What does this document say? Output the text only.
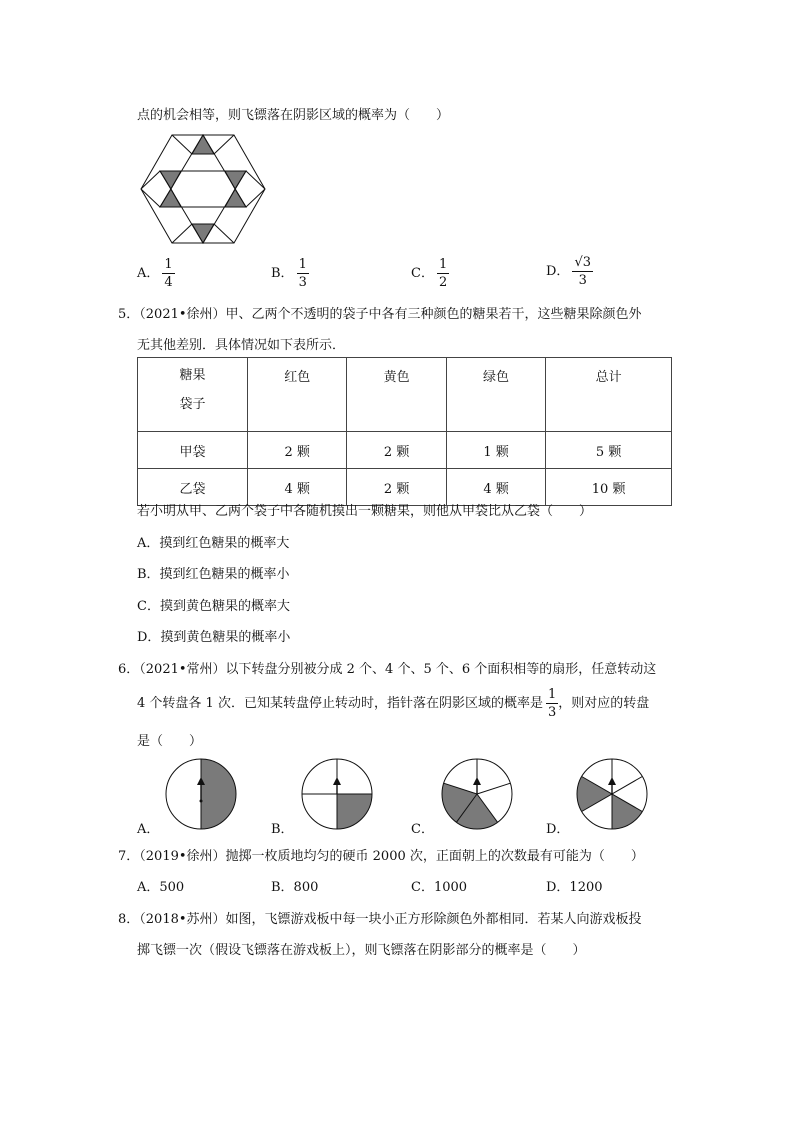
点的机会相等，则飞镖落在阴影区域的概率为（　　）
A． $\frac{1}{4}$	B． $\frac{1}{3}$	C． $\frac{1}{2}$	D． $\frac{√3}{3}$
5．（2021•徐州）甲、乙两个不透明的袋子中各有三种颜色的糖果若干，这些糖果除颜色外
无其他差别．具体情况如下表所示．
糖果
袋子	红色	黄色	绿色	总计
甲袋	2 颗	2 颗	1 颗	5 颗
乙袋	4 颗	2 颗	4 颗	10 颗
若小明从甲、乙两个袋子中各随机摸出一颗糖果，则他从甲袋比从乙袋（　　）
A．摸到红色糖果的概率大
B．摸到红色糖果的概率小
C．摸到黄色糖果的概率大
D．摸到黄色糖果的概率小
6．（2021•常州）以下转盘分别被分成 2 个、4 个、5 个、6 个面积相等的扇形，任意转动这
4 个转盘各 1 次．已知某转盘停止转动时，指针落在阴影区域的概率是 $\frac{1}{3}$ ，则对应的转盘
是（　　）
A．	B．	C．	D．
7．（2019•徐州）抛掷一枚质地均匀的硬币 2000 次，正面朝上的次数最有可能为（　　）
A．500	B．800	C．1000	D．1200
8．（2018•苏州）如图，飞镖游戏板中每一块小正方形除颜色外都相同．若某人向游戏板投
掷飞镖一次（假设飞镖落在游戏板上），则飞镖落在阴影部分的概率是（　　）
